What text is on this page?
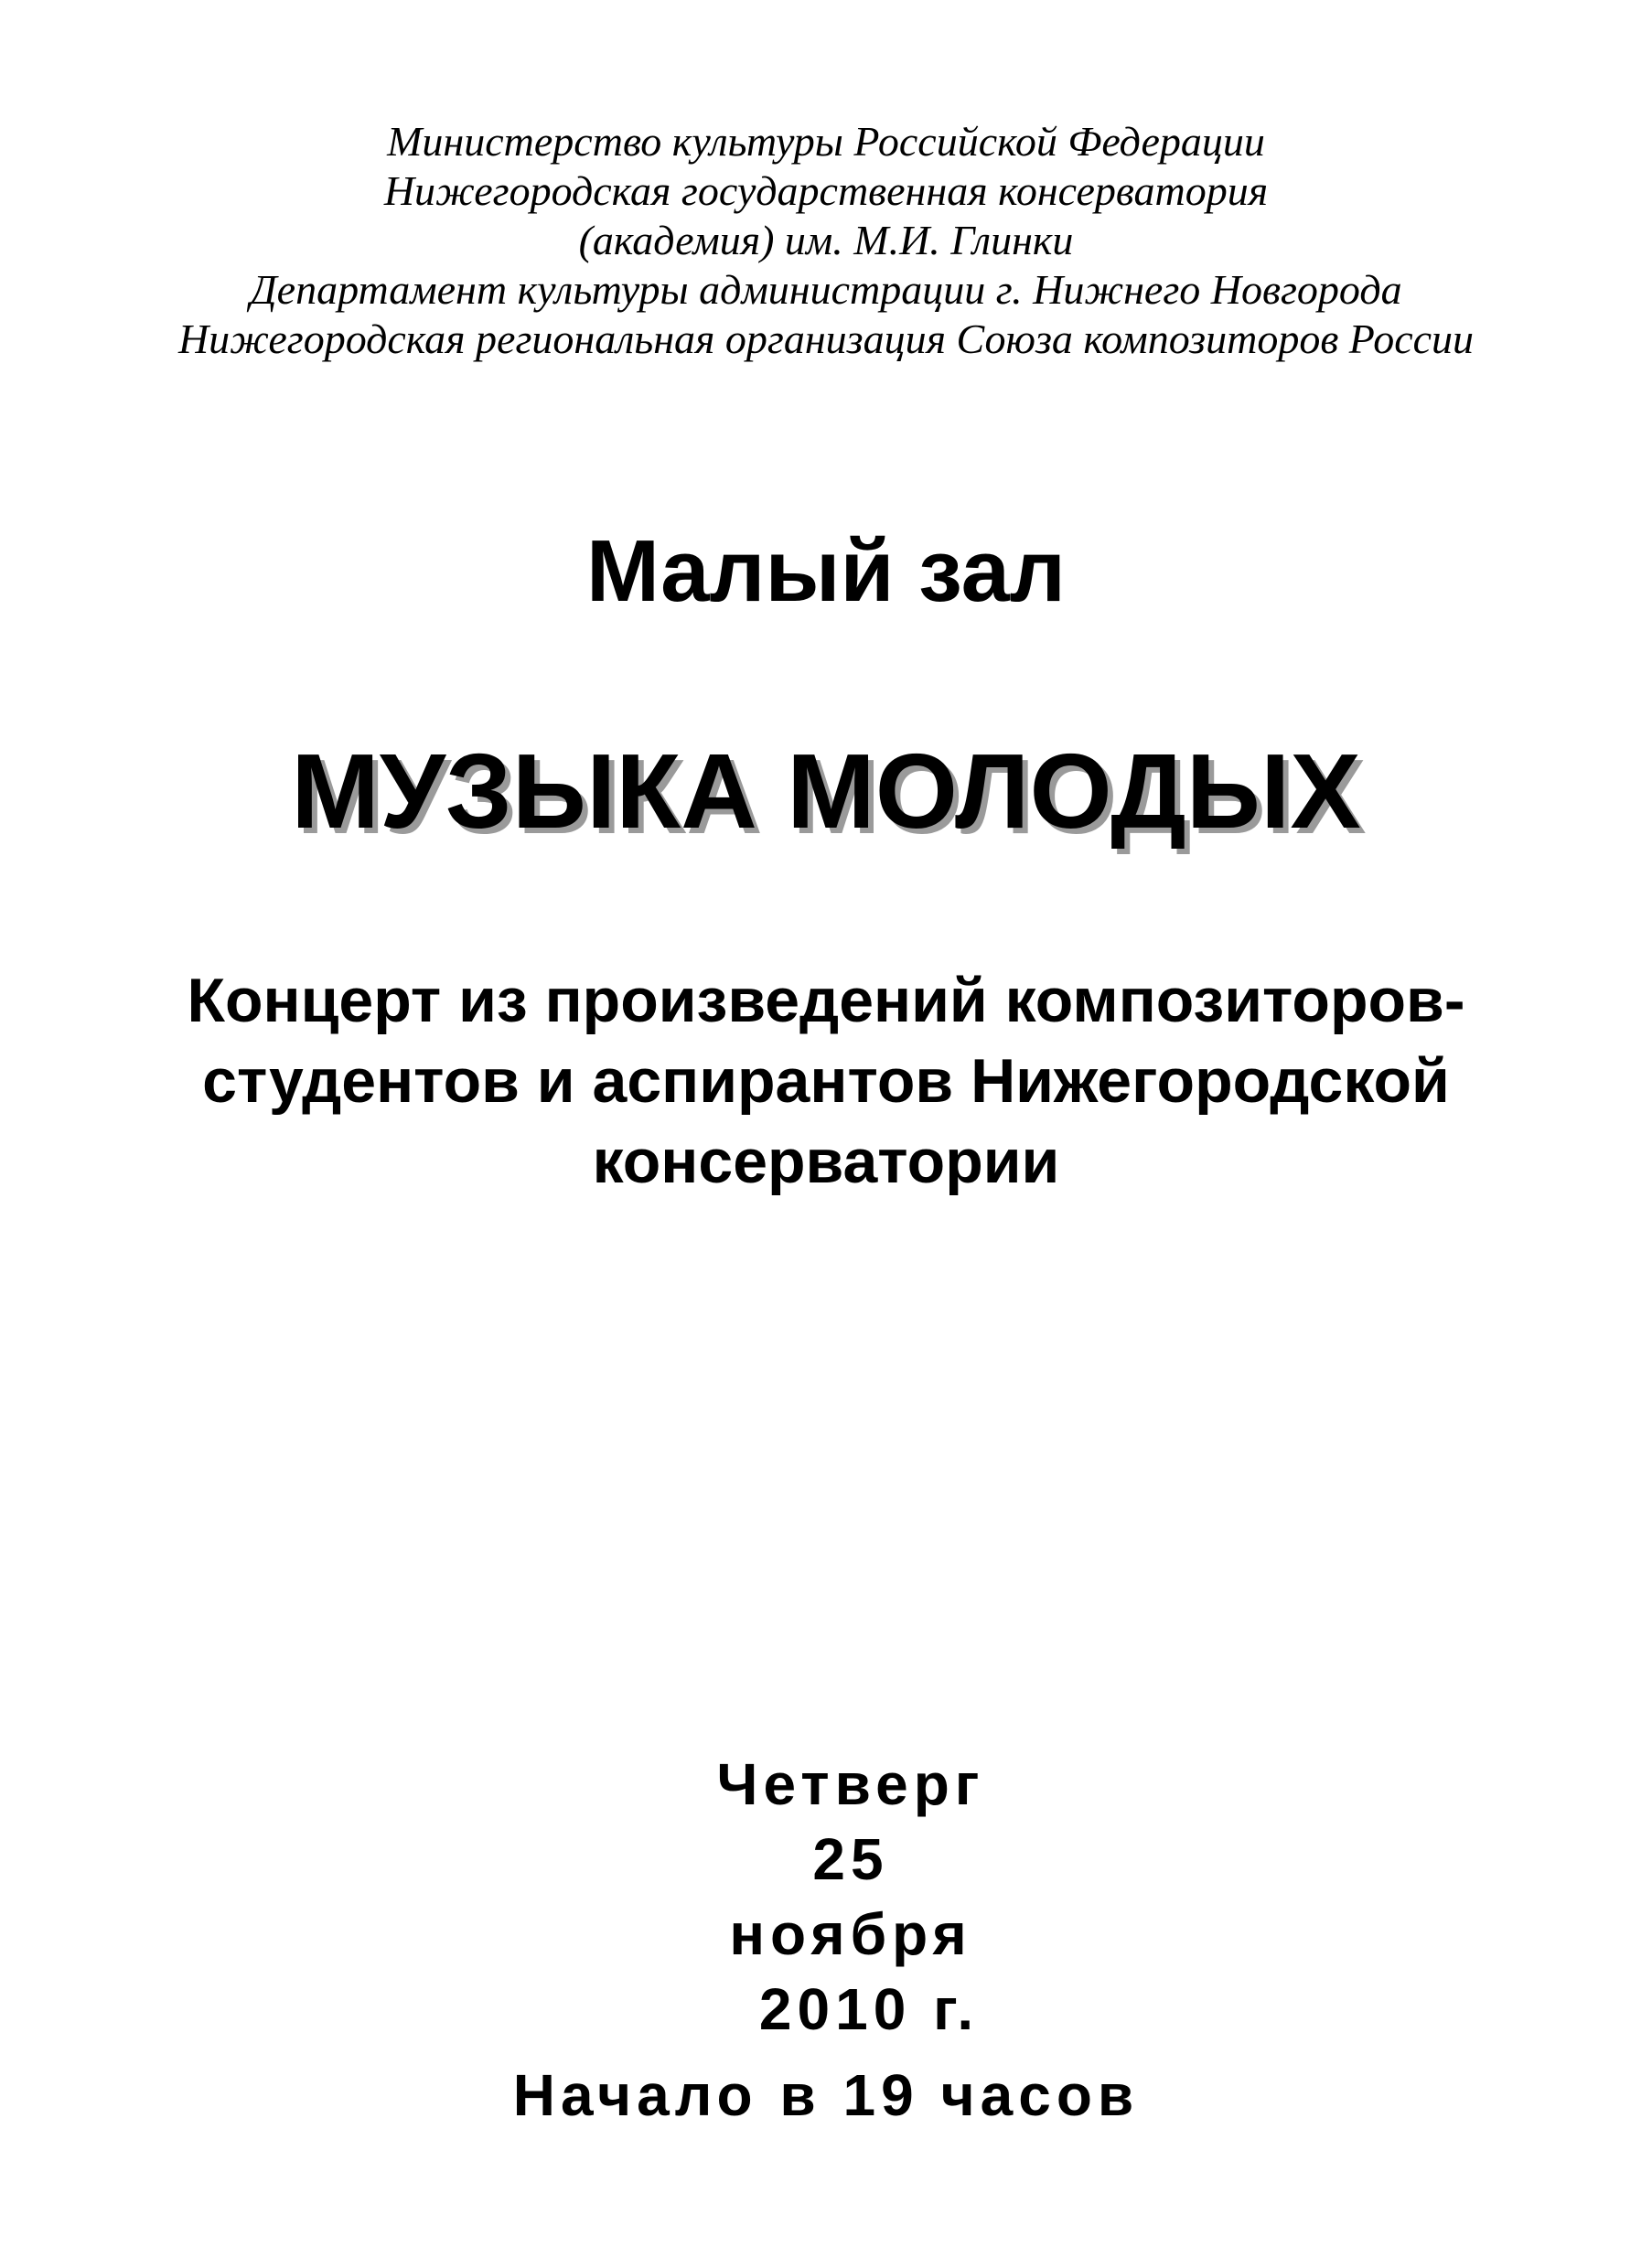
Министерство культуры Российской Федерации
Нижегородская государственная консерватория
(академия) им. М.И. Глинки
Департамент культуры администрации г. Нижнего Новгорода
Нижегородская региональная организация Союза композиторов России
Малый зал
МУЗЫКА МОЛОДЫХ
Концерт из произведений композиторов-
студентов и аспирантов Нижегородской
консерватории
Четверг
25
ноября
2010 г.
Начало в 19 часов
